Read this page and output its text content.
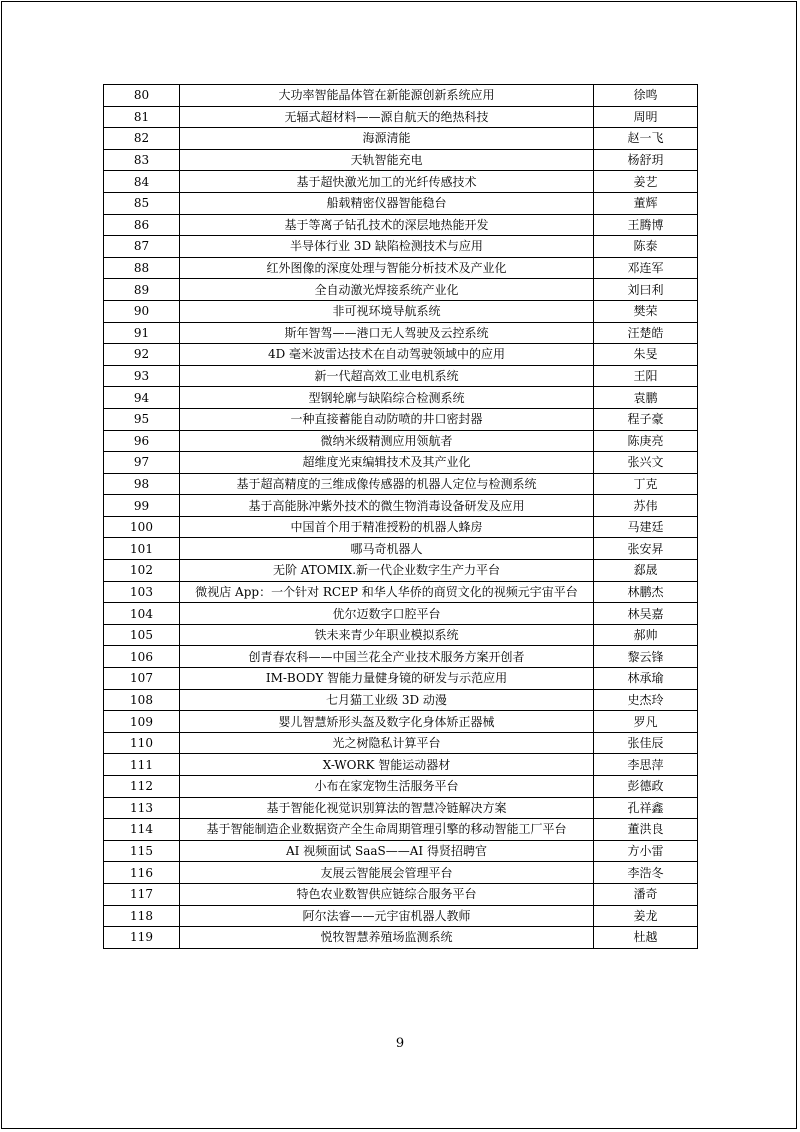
80	大功率智能晶体管在新能源创新系统应用	徐鸣
81	无辐式超材料——源自航天的绝热科技	周明
82	海源清能	赵一飞
83	天轨智能充电	杨舒玥
84	基于超快激光加工的光纤传感技术	姜艺
85	船载精密仪器智能稳台	董辉
86	基于等离子钻孔技术的深层地热能开发	王腾博
87	半导体行业 3D 缺陷检测技术与应用	陈泰
88	红外图像的深度处理与智能分析技术及产业化	邓连军
89	全自动激光焊接系统产业化	刘曰利
90	非可视环境导航系统	樊荣
91	斯年智驾——港口无人驾驶及云控系统	汪楚皓
92	4D 毫米波雷达技术在自动驾驶领域中的应用	朱旻
93	新一代超高效工业电机系统	王阳
94	型钢轮廓与缺陷综合检测系统	袁鹏
95	一种直接蓄能自动防喷的井口密封器	程子豪
96	微纳米级精测应用领航者	陈庚亮
97	超维度光束编辑技术及其产业化	张兴文
98	基于超高精度的三维成像传感器的机器人定位与检测系统	丁克
99	基于高能脉冲紫外技术的微生物消毒设备研发及应用	苏伟
100	中国首个用于精准授粉的机器人蜂房	马建廷
101	哪马奇机器人	张安昇
102	无阶 ATOMIX.新一代企业数字生产力平台	郄晟
103	微视店 App：一个针对 RCEP 和华人华侨的商贸文化的视频元宇宙平台	林鹏杰
104	优尔迈数字口腔平台	林吴嘉
105	铁未来青少年职业模拟系统	郝帅
106	创青春农科——中国兰花全产业技术服务方案开创者	黎云锋
107	IM-BODY 智能力量健身镜的研发与示范应用	林承瑜
108	七月猫工业级 3D 动漫	史杰玲
109	婴儿智慧矫形头盔及数字化身体矫正器械	罗凡
110	光之树隐私计算平台	张佳辰
111	X-WORK 智能运动器材	李思萍
112	小布在家宠物生活服务平台	彭德政
113	基于智能化视觉识别算法的智慧冷链解决方案	孔祥鑫
114	基于智能制造企业数据资产全生命周期管理引擎的移动智能工厂平台	董洪良
115	AI 视频面试 SaaS——AI 得贤招聘官	方小雷
116	友展云智能展会管理平台	李浩冬
117	特色农业数智供应链综合服务平台	潘奇
118	阿尔法睿——元宇宙机器人教师	姜龙
119	悦牧智慧养殖场监测系统	杜越
9
